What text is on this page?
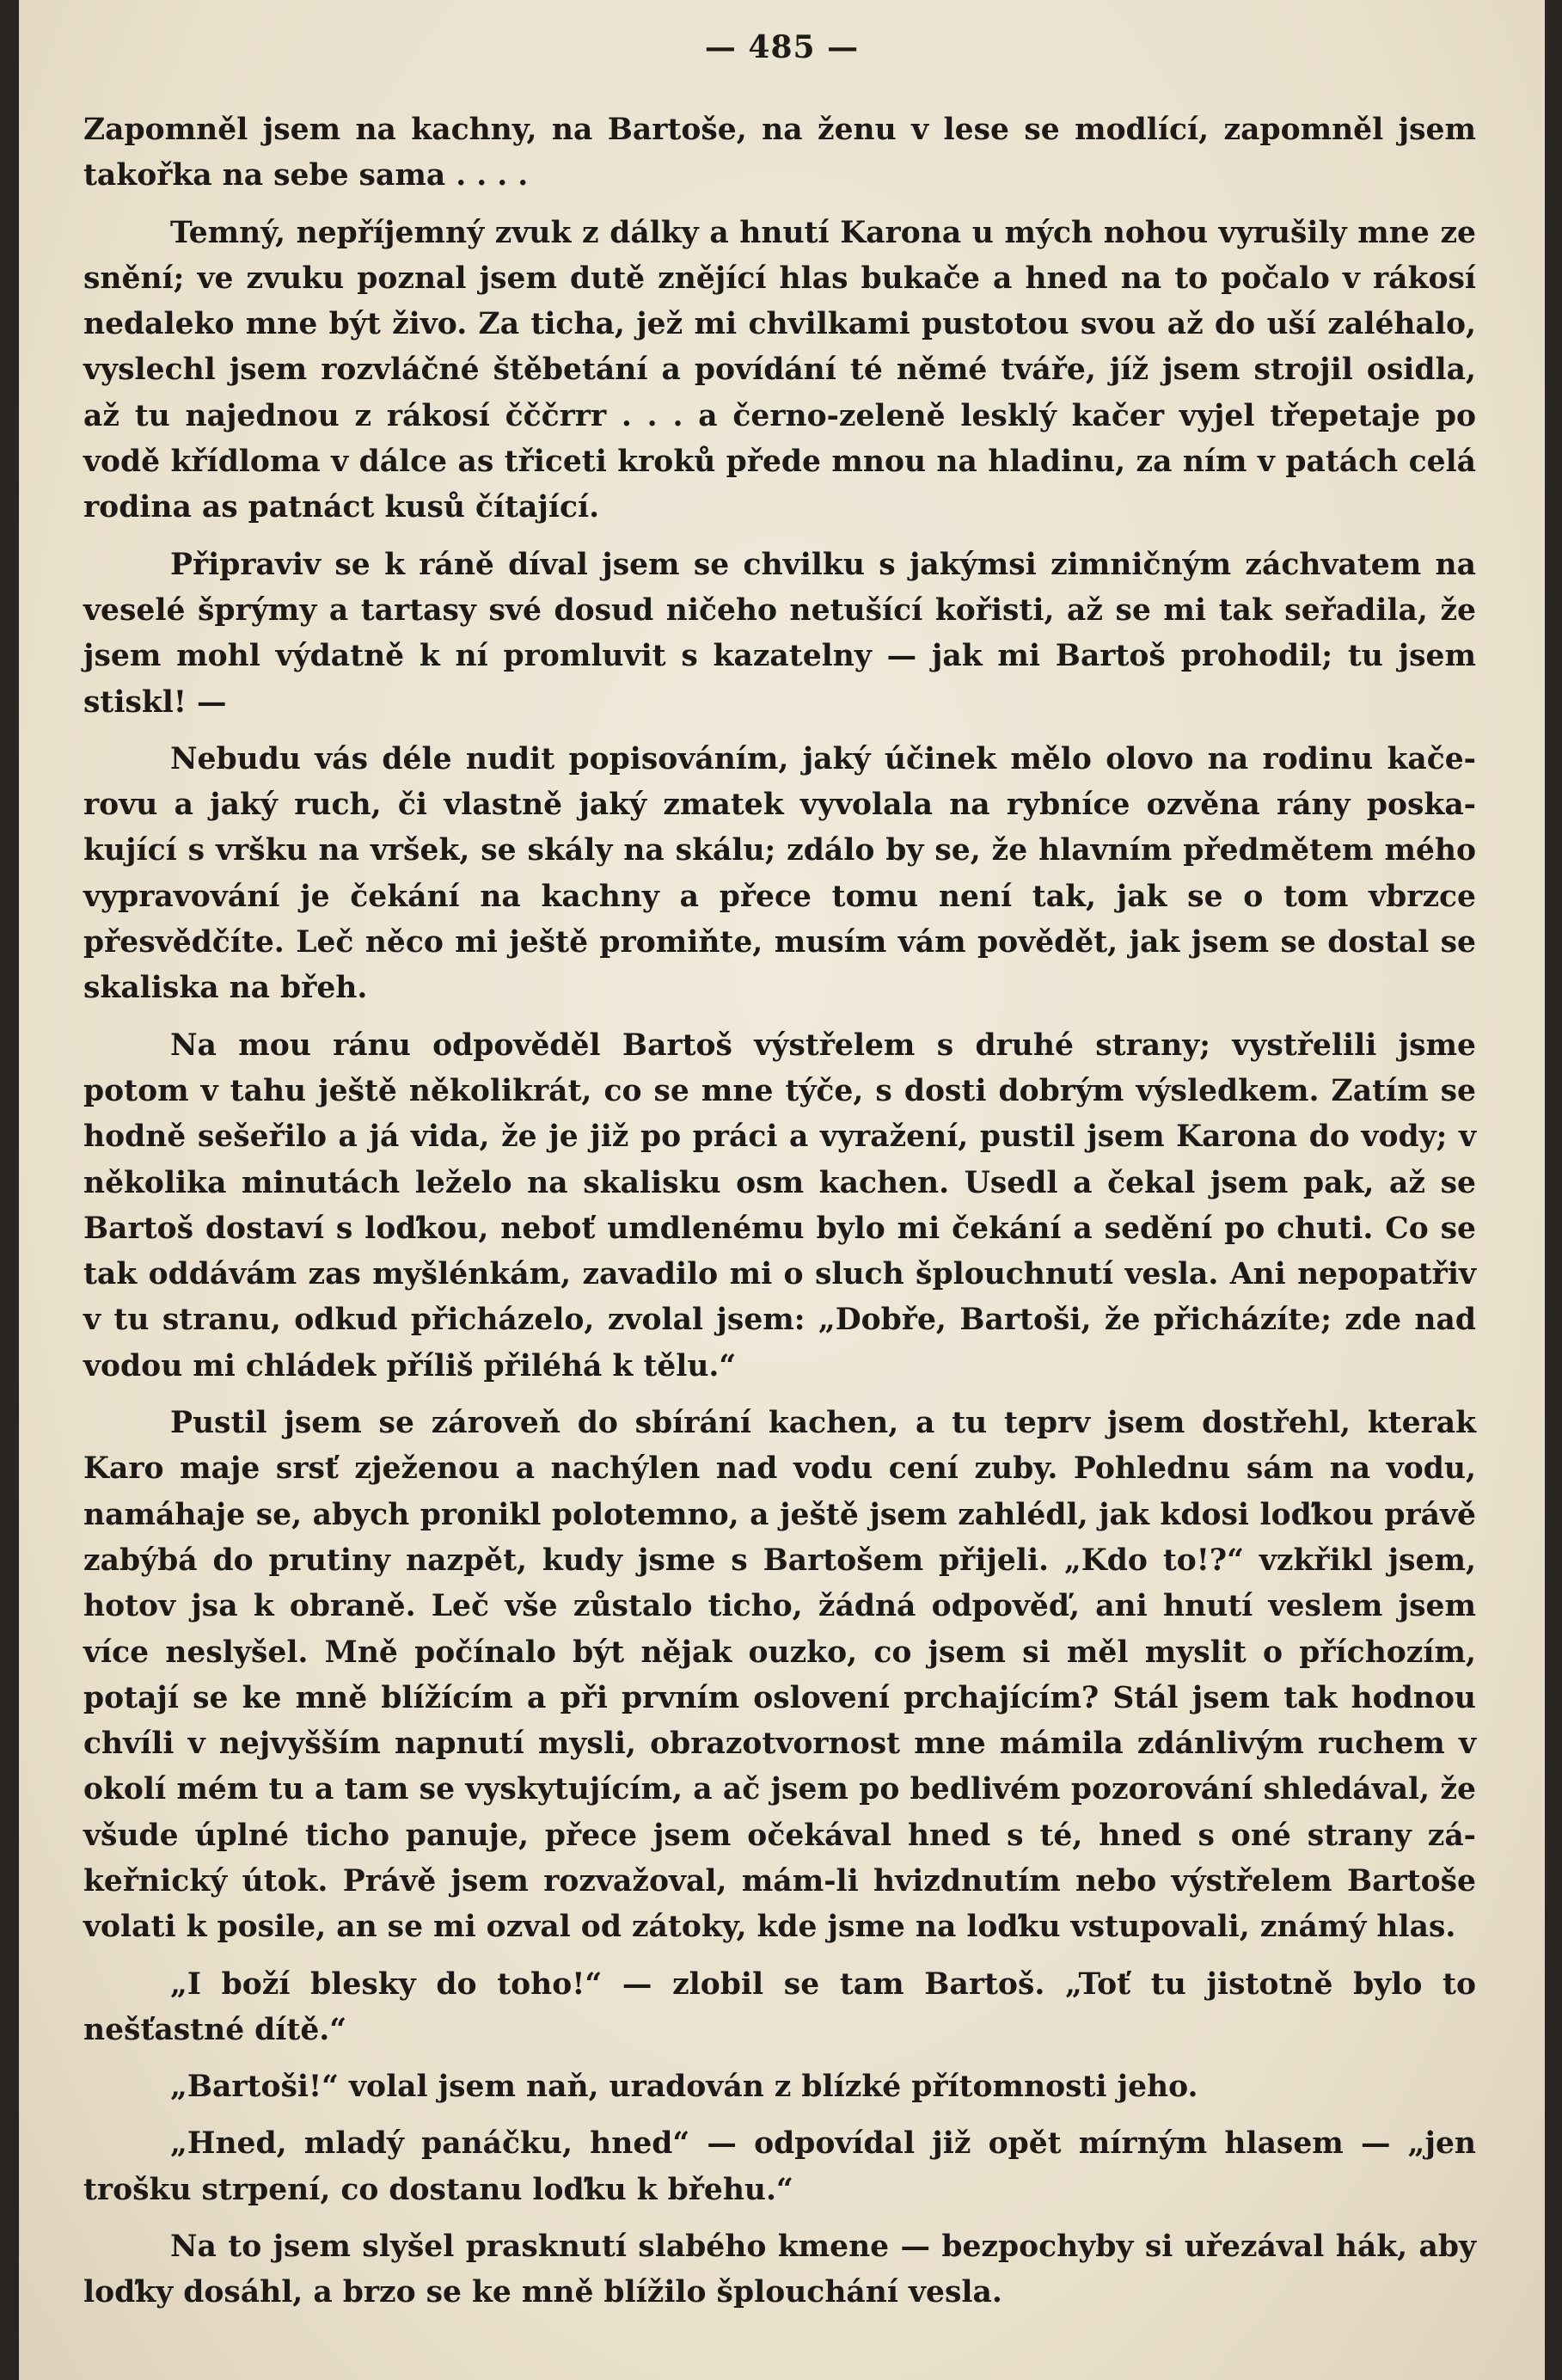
— 485 —

Zapomněl jsem na kachny, na Bartoše, na ženu v lese se modlící, zapomněl jsem takořka na sebe sama . . . .

Temný, nepříjemný zvuk z dálky a hnutí Karona u mých nohou vyrušily mne ze snění; ve zvuku poznal jsem dutě znějící hlas bukače a hned na to počalo v rákosí nedaleko mne být živo. Za ticha, jež mi chvilkami pustotou svou až do uší zaléhalo, vyslechl jsem rozvláčné štěbetání a povídání té němé tváře, jíž jsem strojil osidla, až tu najednou z rákosí čččrrr . . . a černo-zeleně lesklý kačer vyjel třepetaje po vodě křídloma v dálce as třiceti kroků přede mnou na hladinu, za ním v patách celá rodina as patnáct kusů čítající.

Připraviv se k ráně díval jsem se chvilku s jakýmsi zimničným záchvatem na veselé šprýmy a tartasy své dosud ničeho netušící kořisti, až se mi tak seřadila, že jsem mohl výdatně k ní promluvit s kazatelny — jak mi Bartoš prohodil; tu jsem stiskl! —

Nebudu vás déle nudit popisováním, jaký účinek mělo olovo na rodinu kačerovu a jaký ruch, či vlastně jaký zmatek vyvolala na rybníce ozvěna rány poskakující s vršku na vršek, se skály na skálu; zdálo by se, že hlavním předmětem mého vypravování je čekání na kachny a přece tomu není tak, jak se o tom vbrzce přesvědčíte. Leč něco mi ještě promiňte, musím vám povědět, jak jsem se dostal se skaliska na břeh.

Na mou ránu odpověděl Bartoš výstřelem s druhé strany; vystřelili jsme potom v tahu ještě několikrát, co se mne týče, s dosti dobrým výsledkem. Zatím se hodně sešeřilo a já vida, že je již po práci a vyražení, pustil jsem Karona do vody; v několika minutách leželo na skalisku osm kachen. Usedl a čekal jsem pak, až se Bartoš dostaví s loďkou, neboť umdlenému bylo mi čekání a sedění po chuti. Co se tak oddávám zas myšlénkám, zavadilo mi o sluch šplouchnutí vesla. Ani nepopatřiv v tu stranu, odkud přicházelo, zvolal jsem: „Dobře, Bartoši, že přicházíte; zde nad vodou mi chládek příliš přiléhá k tělu.“

Pustil jsem se zároveň do sbírání kachen, a tu teprv jsem dostřehl, kterak Karo maje srsť zježenou a nachýlen nad vodu cení zuby. Pohlednu sám na vodu, namáhaje se, abych pronikl polotemno, a ještě jsem zahlédl, jak kdosi loďkou právě zabýbá do prutiny nazpět, kudy jsme s Bartošem přijeli. „Kdo to!?“ vzkřikl jsem, hotov jsa k obraně. Leč vše zůstalo ticho, žádná odpověď, ani hnutí veslem jsem více neslyšel. Mně počínalo být nějak ouzko, co jsem si měl myslit o příchozím, potají se ke mně blížícím a při prvním oslovení prchajícím? Stál jsem tak hodnou chvíli v nejvyšším napnutí mysli, obrazotvornost mne mámila zdánlivým ruchem v okolí mém tu a tam se vyskytujícím, a ač jsem po bedlivém pozorování shledával, že všude úplné ticho panuje, přece jsem očekával hned s té, hned s oné strany zákeřnický útok. Právě jsem rozvažoval, mám-li hvizdnutím nebo výstřelem Bartoše volati k posile, an se mi ozval od zátoky, kde jsme na loďku vstupovali, známý hlas.

„I boží blesky do toho!“ — zlobil se tam Bartoš. „Toť tu jistotně bylo to nešťastné dítě.“

„Bartoši!“ volal jsem naň, uradován z blízké přítomnosti jeho.

„Hned, mladý panáčku, hned“ — odpovídal již opět mírným hlasem — „jen trošku strpení, co dostanu loďku k břehu.“

Na to jsem slyšel prasknutí slabého kmene — bezpochyby si uřezával hák, aby loďky dosáhl, a brzo se ke mně blížilo šplouchání vesla.
